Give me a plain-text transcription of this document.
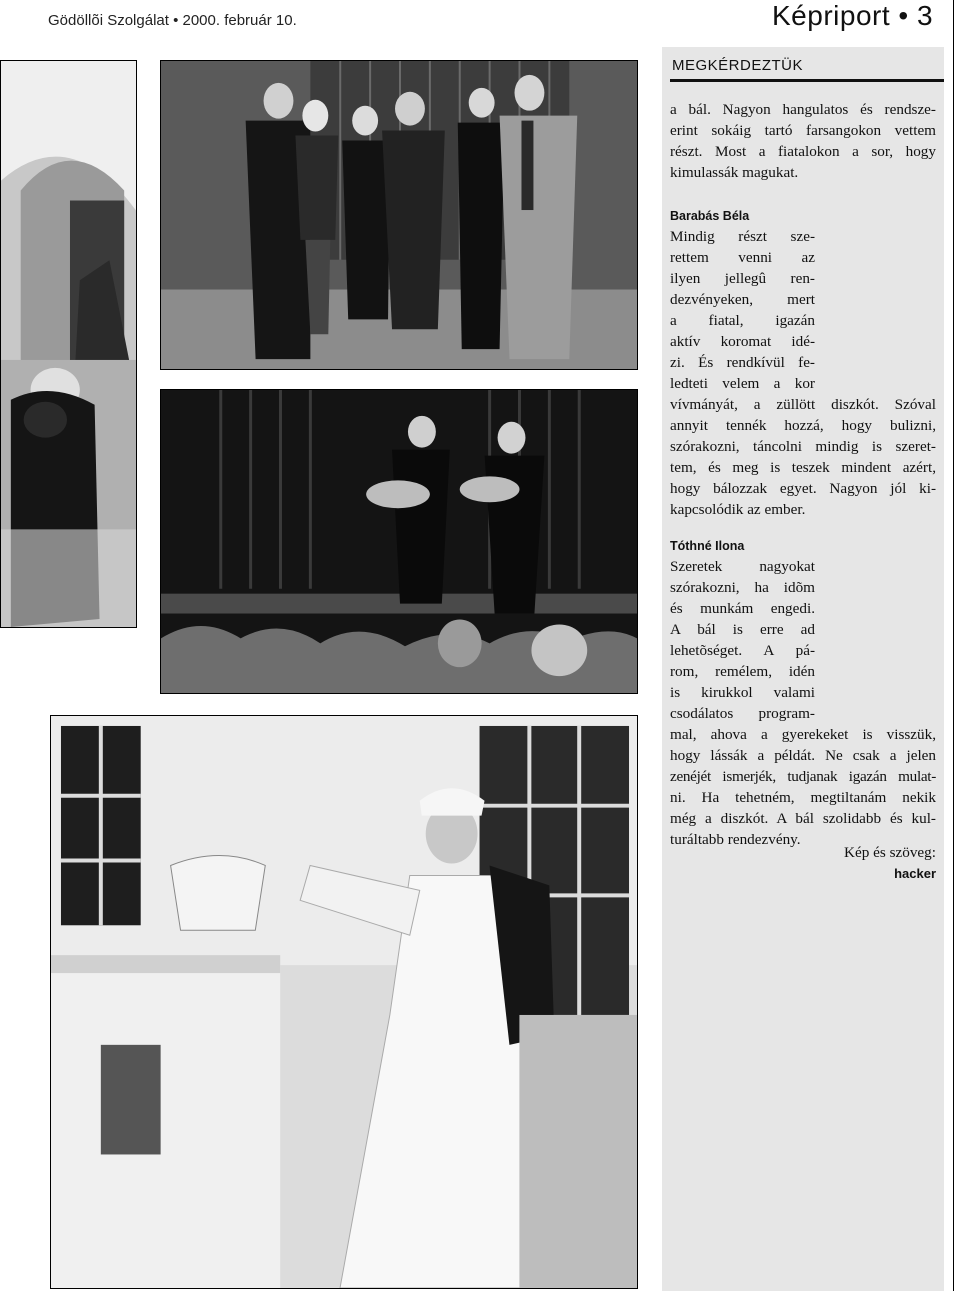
Gödöllõi Szolgálat • 2000. február 10.	Képriport • 3
MEGKÉRDEZTÜK
a bál. Nagyon hangulatos és rendsze-
erint sokáig tartó farsangokon vettem
részt. Most a fiatalokon a sor, hogy
kimulassák magukat.
Barabás Béla
Mindig részt sze-
rettem venni az
ilyen jellegû ren-
dezvényeken, mert
a fiatal, igazán
aktív koromat idé-
zi. És rendkívül fe-
ledteti velem a kor
vívmányát, a züllött diszkót. Szóval
annyit tennék hozzá, hogy bulizni,
szórakozni, táncolni mindig is szeret-
tem, és meg is teszek mindent azért,
hogy bálozzak egyet. Nagyon jól ki-
kapcsolódik az ember.
Tóthné Ilona
Szeretek nagyokat
szórakozni, ha idõm
és munkám engedi.
A bál is erre ad
lehetõséget. A pá-
rom, remélem, idén
is kirukkol valami
csodálatos program-
mal, ahova a gyerekeket is visszük,
hogy lássák a példát. Ne csak a jelen
zenéjét ismerjék, tudjanak igazán mulat-
ni. Ha tehetném, megtiltanám nekik
még a diszkót. A bál szolidabb és kul-
turáltabb rendezvény.
Kép és szöveg:
hacker
